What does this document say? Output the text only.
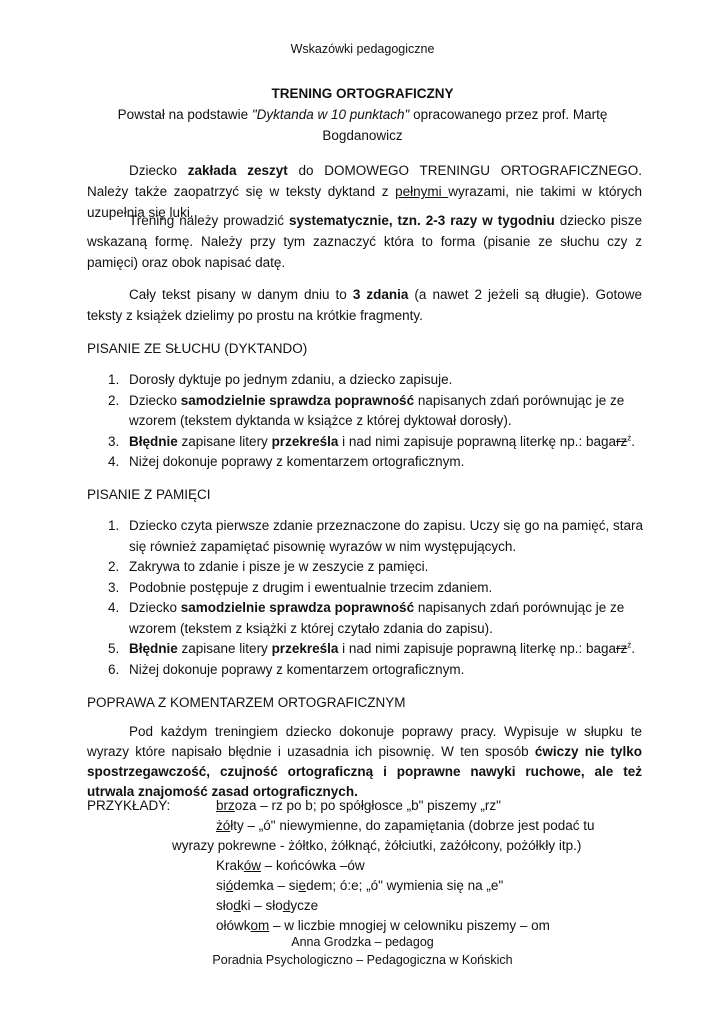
Wskazówki pedagogiczne
TRENING ORTOGRAFICZNY
Powstał na podstawie "Dyktanda w 10 punktach" opracowanego przez prof. Martę Bogdanowicz
Dziecko zakłada zeszyt do DOMOWEGO TRENINGU ORTOGRAFICZNEGO. Należy także zaopatrzyć się w teksty dyktand z pełnymi wyrazami, nie takimi w których uzupełnia się luki.
Trening należy prowadzić systematycznie, tzn. 2-3 razy w tygodniu dziecko pisze wskazaną formę. Należy przy tym zaznaczyć która to forma (pisanie ze słuchu czy z pamięci) oraz obok napisać datę.
Cały tekst pisany w danym dniu to 3 zdania (a nawet 2 jeżeli są długie). Gotowe teksty z książek dzielimy po prostu na krótkie fragmenty.
PISANIE ZE SŁUCHU (DYKTANDO)
1. Dorosły dyktuje po jednym zdaniu, a dziecko zapisuje.
2. Dziecko samodzielnie sprawdza poprawność napisanych zdań porównując je ze wzorem (tekstem dyktanda w książce z której dyktował dorosły).
3. Błędnie zapisane litery przekreśla i nad nimi zapisuje poprawną literkę np.: bagarz$^ż$.
4. Niżej dokonuje poprawy z komentarzem ortograficznym.
PISANIE Z PAMIĘCI
1. Dziecko czyta pierwsze zdanie przeznaczone do zapisu. Uczy się go na pamięć, stara się również zapamiętać pisownię wyrazów w nim występujących.
2. Zakrywa to zdanie i pisze je w zeszycie z pamięci.
3. Podobnie postępuje z drugim i ewentualnie trzecim zdaniem.
4. Dziecko samodzielnie sprawdza poprawność napisanych zdań porównując je ze wzorem (tekstem z książki z której czytało zdania do zapisu).
5. Błędnie zapisane litery przekreśla i nad nimi zapisuje poprawną literkę np.: bagarz$^ż$.
6. Niżej dokonuje poprawy z komentarzem ortograficznym.
POPRAWA Z KOMENTARZEM ORTOGRAFICZNYM
Pod każdym treningiem dziecko dokonuje poprawy pracy. Wypisuje w słupku te wyrazy które napisało błędnie i uzasadnia ich pisownię. W ten sposób ćwiczy nie tylko spostrzegawczość, czujność ortograficzną i poprawne nawyki ruchowe, ale też utrwala znajomość zasad ortograficznych.
PRZYKŁADY:	brzoza – rz po b; po spółgłosce „b" piszemy „rz"
żółty – „ó" niewymienne, do zapamiętania (dobrze jest podać tu
wyrazy pokrewne - żółtko, żółknąć, żółciutki, zażółcony, pożółkły itp.)
Kraków – końcówka –ów
siódemka – siedem; ó:e; „ó" wymienia się na „e"
słodki – słodycze
ołówkom – w liczbie mnogiej w celowniku piszemy – om
Anna Grodzka – pedagog
Poradnia Psychologiczno – Pedagogiczna w Końskich
